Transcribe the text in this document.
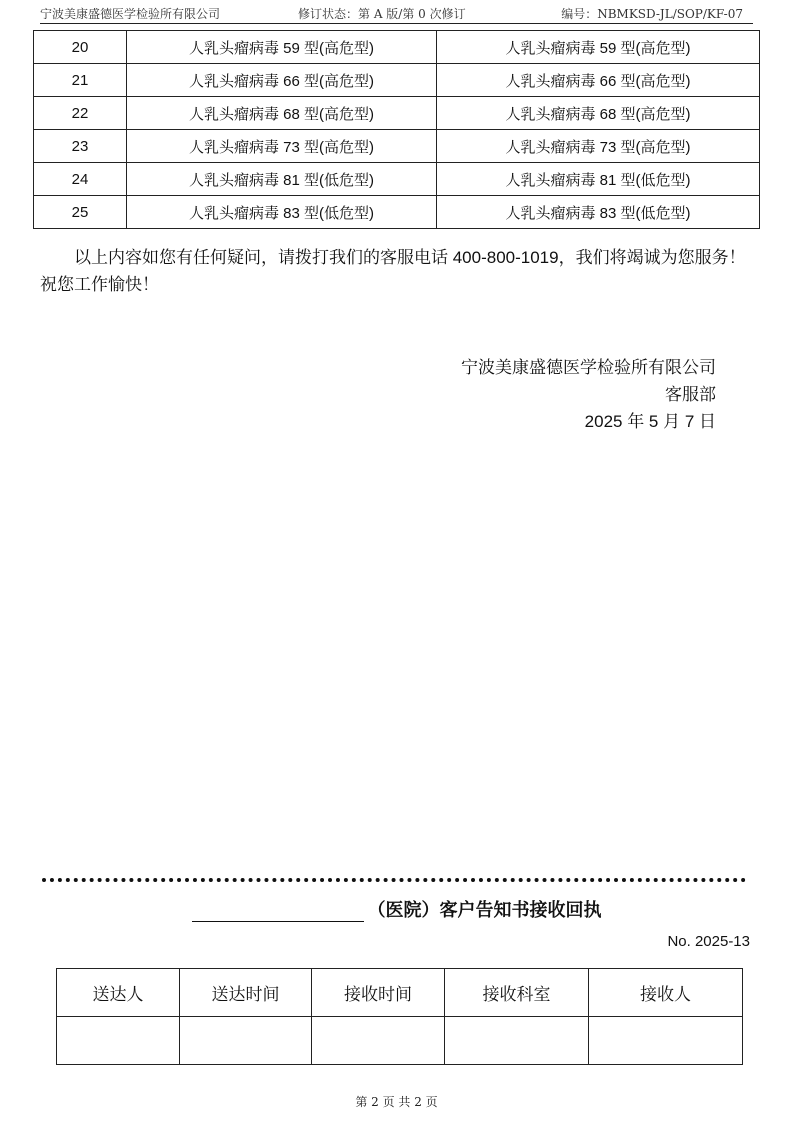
宁波美康盛德医学检验所有限公司	修订状态：第 A 版/第 0 次修订	编号：NBMKSD-JL/SOP/KF-07
20	人乳头瘤病毒 59 型(高危型)	人乳头瘤病毒 59 型(高危型)
21	人乳头瘤病毒 66 型(高危型)	人乳头瘤病毒 66 型(高危型)
22	人乳头瘤病毒 68 型(高危型)	人乳头瘤病毒 68 型(高危型)
23	人乳头瘤病毒 73 型(高危型)	人乳头瘤病毒 73 型(高危型)
24	人乳头瘤病毒 81 型(低危型)	人乳头瘤病毒 81 型(低危型)
25	人乳头瘤病毒 83 型(低危型)	人乳头瘤病毒 83 型(低危型)
以上内容如您有任何疑问，请拨打我们的客服电话 400-800-1019，我们将竭诚为您服务！
祝您工作愉快！
宁波美康盛德医学检验所有限公司
客服部
2025 年 5 月 7 日
（医院）客户告知书接收回执
No. 2025-13
送达人	送达时间	接收时间	接收科室	接收人

第 2 页 共 2 页
